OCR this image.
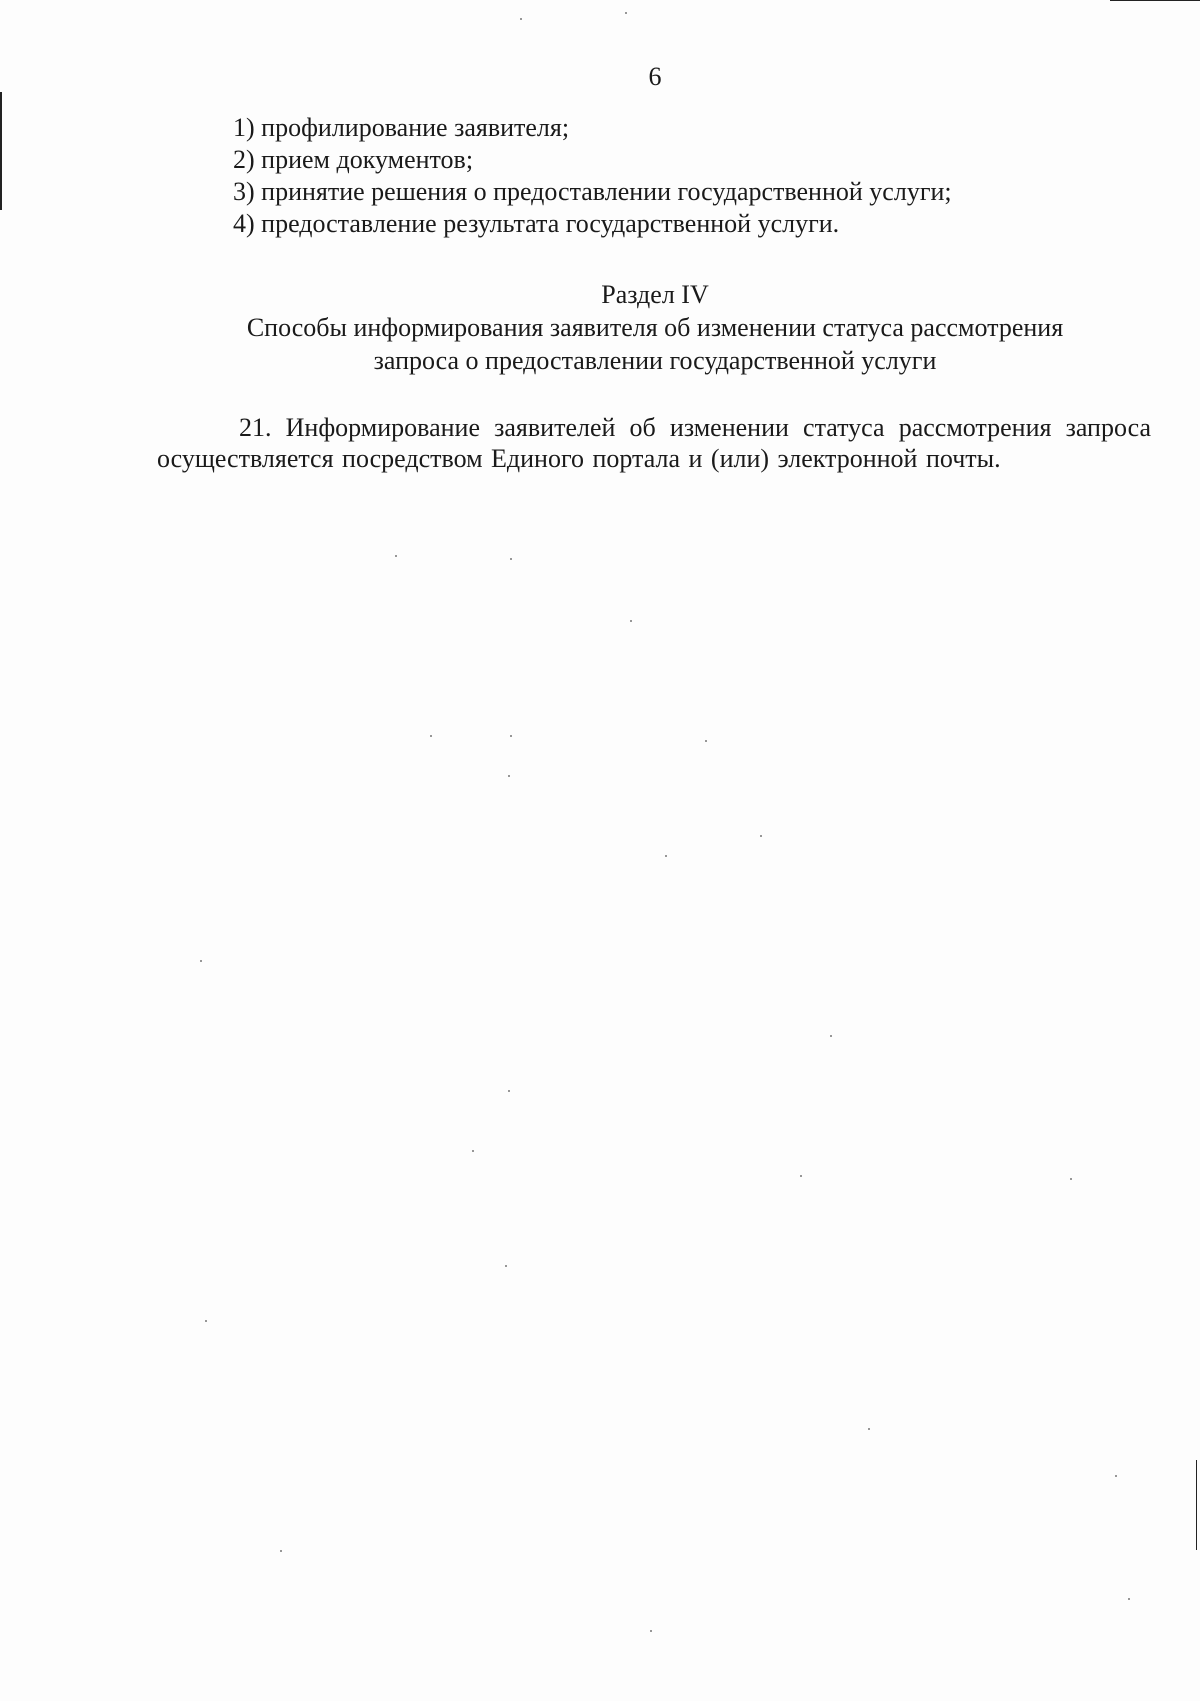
6
1) профилирование заявителя;
2) прием документов;
3) принятие решения о предоставлении государственной услуги;
4) предоставление результата государственной услуги.
Раздел IV
Способы информирования заявителя об изменении статуса рассмотрения
запроса о предоставлении государственной услуги

21. Информирование заявителей об изменении статуса рассмотрения запроса осуществляется посредством Единого портала и (или) электронной почты.
